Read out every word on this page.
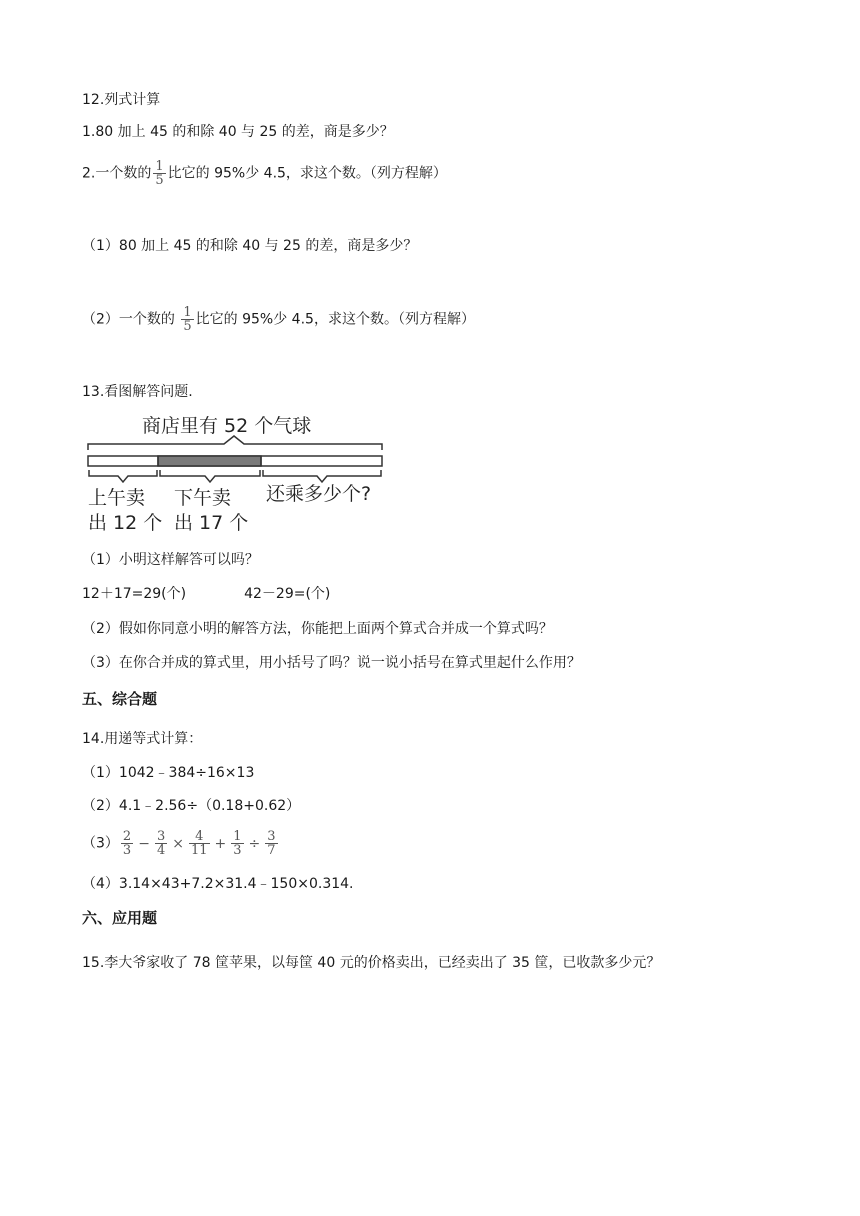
12.列式计算
1.80 加上 45 的和除 40 与 25 的差，商是多少？
2.一个数的 $\frac{1}{5}$ 比它的 95%少 4.5，求这个数。（列方程解）
（1）80 加上 45 的和除 40 与 25 的差，商是多少？
（2）一个数的 $\frac{1}{5}$ 比它的 95%少 4.5，求这个数。（列方程解）
13.看图解答问题.
商店里有 52 个气球
上午卖
出 12 个
下午卖
出 17 个
还乘多少个?
（1）小明这样解答可以吗？
12＋17=29(个)	42－29=(个)
（2）假如你同意小明的解答方法，你能把上面两个算式合并成一个算式吗？
（3）在你合并成的算式里，用小括号了吗？说一说小括号在算式里起什么作用？
五、综合题
14.用递等式计算：
（1）1042﹣384÷16×13
（2）4.1﹣2.56÷（0.18+0.62）
$(3) \frac{2}{3} - \frac{3}{4} \times \frac{4}{11} + \frac{1}{3} \div \frac{3}{7}$
（4）3.14×43+7.2×31.4﹣150×0.314.
六、应用题
15.李大爷家收了 78 筐苹果，以每筐 40 元的价格卖出，已经卖出了 35 筐，已收款多少元？
